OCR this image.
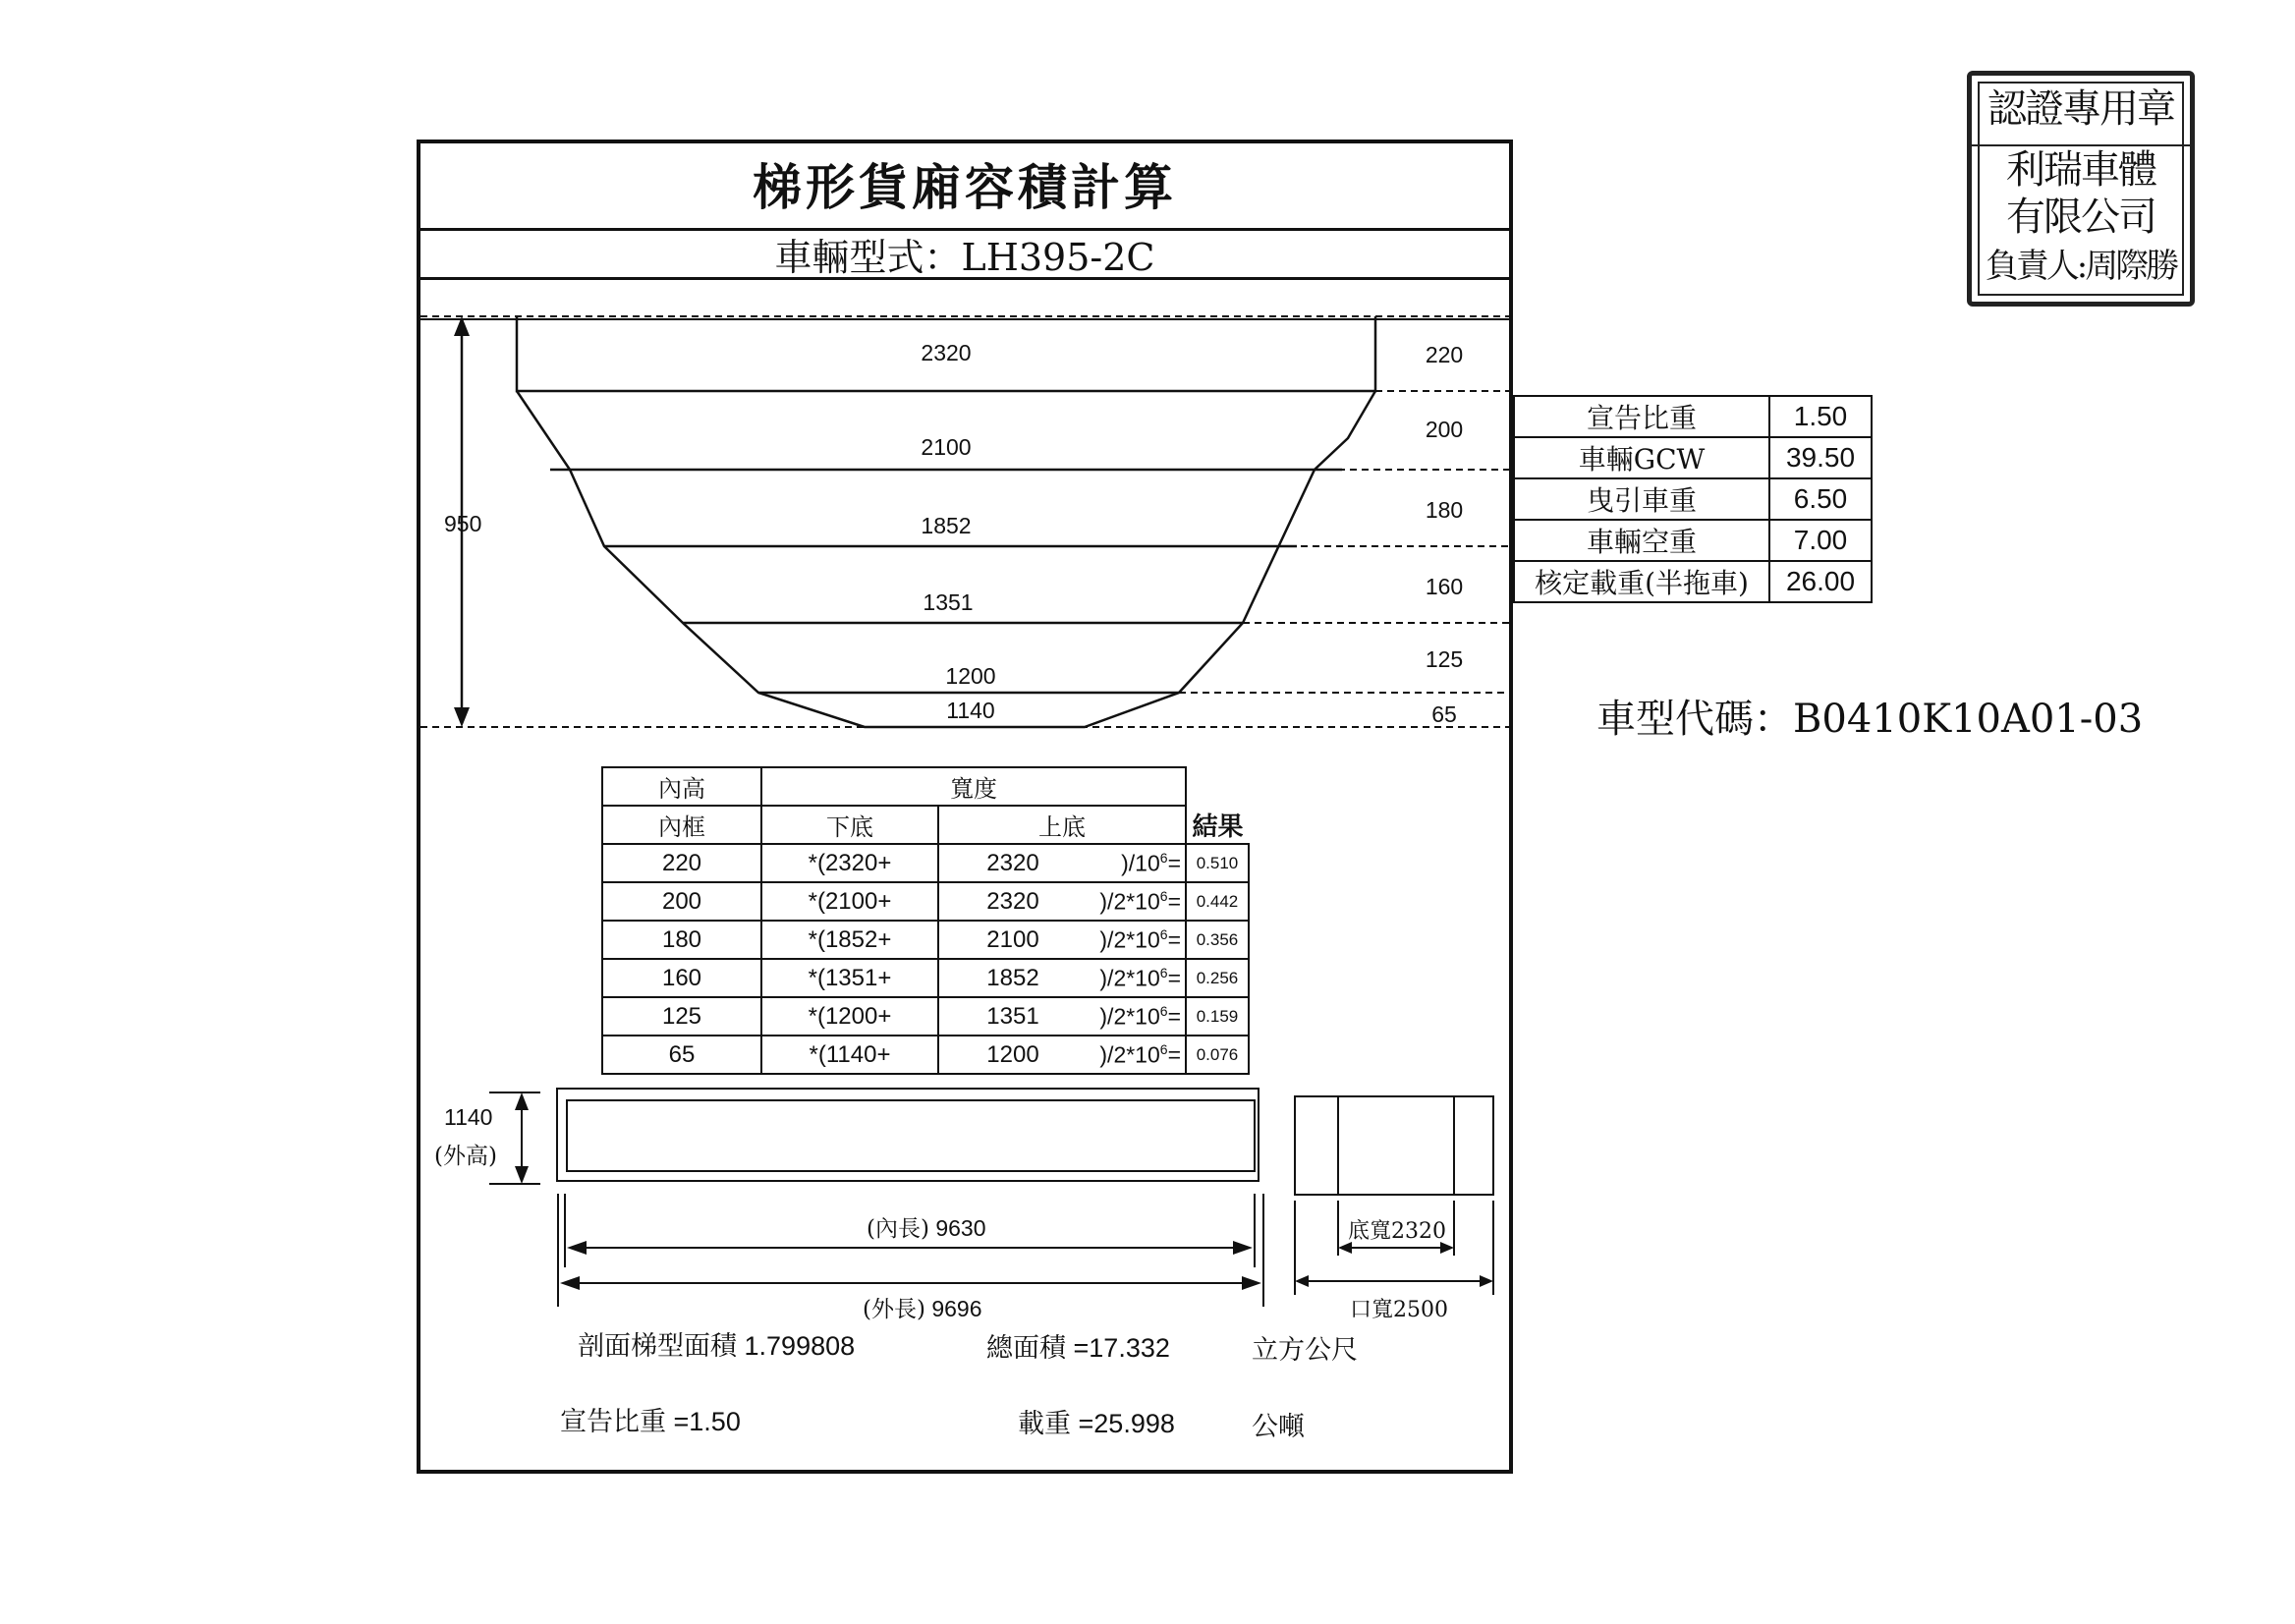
梯形貨廂容積計算
車輛型式：LH395-2C
950
2320
2100
1852
1351
1200
1140
220
200
180
160
125
65
宣告比重	1.50
車輛GCW	39.50
曳引車重	6.50
車輛空重	7.00
核定載重(半拖車)	26.00
車型代碼：B0410K10A01-03
內高	寬度			
內框	下底	上底		結果
220	*(2320+	2320	)$/10^6=$	0.510
200	*(2100+	2320	)$/2*10^6=$	0.442
180	*(1852+	2100	)$/2*10^6=$	0.356
160	*(1351+	1852	)$/2*10^6=$	0.256
125	*(1200+	1351	)$/2*10^6=$	0.159
65	*(1140+	1200	)$/2*10^6=$	0.076
1140
(外高)
(內長) 9630
(外長) 9696
底寬2320
口寬2500
剖面梯型面積 1.799808	總面積 =17.332	立方公尺
宣告比重 =1.50	載重 =25.998	公噸
認證專用章
利瑞車體
有限公司
負責人:周際勝
